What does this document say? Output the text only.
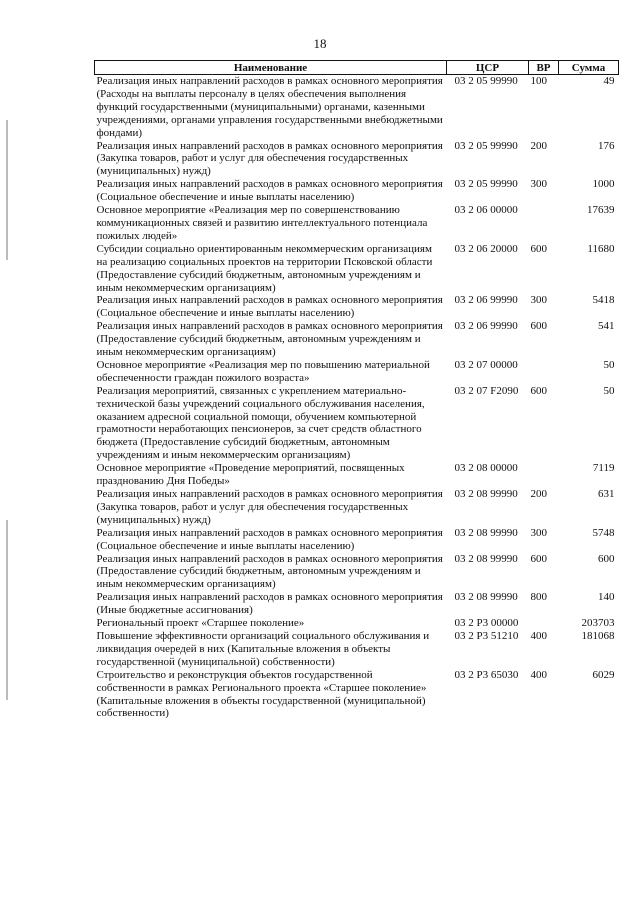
18
Наименование	ЦСР	ВР	Сумма
Реализация иных направлений расходов в рамках основного мероприятия (Расходы на выплаты персоналу в целях обеспечения выполнения функций государственными (муниципальными) органами, казенными учреждениями, органами управления государственными внебюджетными фондами)	03 2 05 99990	100	49
Реализация иных направлений расходов в рамках основного мероприятия (Закупка товаров, работ и услуг для обеспечения государственных (муниципальных) нужд)	03 2 05 99990	200	176
Реализация иных направлений расходов в рамках основного мероприятия (Социальное обеспечение и иные выплаты населению)	03 2 05 99990	300	1000
Основное мероприятие «Реализация мер по совершенствованию коммуникационных связей и развитию интеллектуального потенциала пожилых людей»	03 2 06 00000		17639
Субсидии социально ориентированным некоммерческим организациям на реализацию социальных проектов на территории Псковской области (Предоставление субсидий бюджетным, автономным учреждениям и иным некоммерческим организациям)	03 2 06 20000	600	11680
Реализация иных направлений расходов в рамках основного мероприятия (Социальное обеспечение и иные выплаты населению)	03 2 06 99990	300	5418
Реализация иных направлений расходов в рамках основного мероприятия (Предоставление субсидий бюджетным, автономным учреждениям и иным некоммерческим организациям)	03 2 06 99990	600	541
Основное мероприятие «Реализация мер по повышению материальной обеспеченности граждан пожилого возраста»	03 2 07 00000		50
Реализация мероприятий, связанных с укреплением материально-технической базы учреждений социального обслуживания населения, оказанием адресной социальной помощи, обучением компьютерной грамотности неработающих пенсионеров, за счет средств областного бюджета (Предоставление субсидий бюджетным, автономным учреждениям и иным некоммерческим организациям)	03 2 07 F2090	600	50
Основное мероприятие «Проведение мероприятий, посвященных празднованию Дня Победы»	03 2 08 00000		7119
Реализация иных направлений расходов в рамках основного мероприятия (Закупка товаров, работ и услуг для обеспечения государственных (муниципальных) нужд)	03 2 08 99990	200	631
Реализация иных направлений расходов в рамках основного мероприятия (Социальное обеспечение и иные выплаты населению)	03 2 08 99990	300	5748
Реализация иных направлений расходов в рамках основного мероприятия (Предоставление субсидий бюджетным, автономным учреждениям и иным некоммерческим организациям)	03 2 08 99990	600	600
Реализация иных направлений расходов в рамках основного мероприятия (Иные бюджетные ассигнования)	03 2 08 99990	800	140
Региональный проект «Старшее поколение»	03 2 P3 00000		203703
Повышение эффективности организаций социального обслуживания и ликвидация очередей в них (Капитальные вложения в объекты государственной (муниципальной) собственности)	03 2 P3 51210	400	181068
Строительство и реконструкция объектов государственной собственности в рамках Регионального проекта «Старшее поколение» (Капитальные вложения в объекты государственной (муниципальной) собственности)	03 2 P3 65030	400	6029
